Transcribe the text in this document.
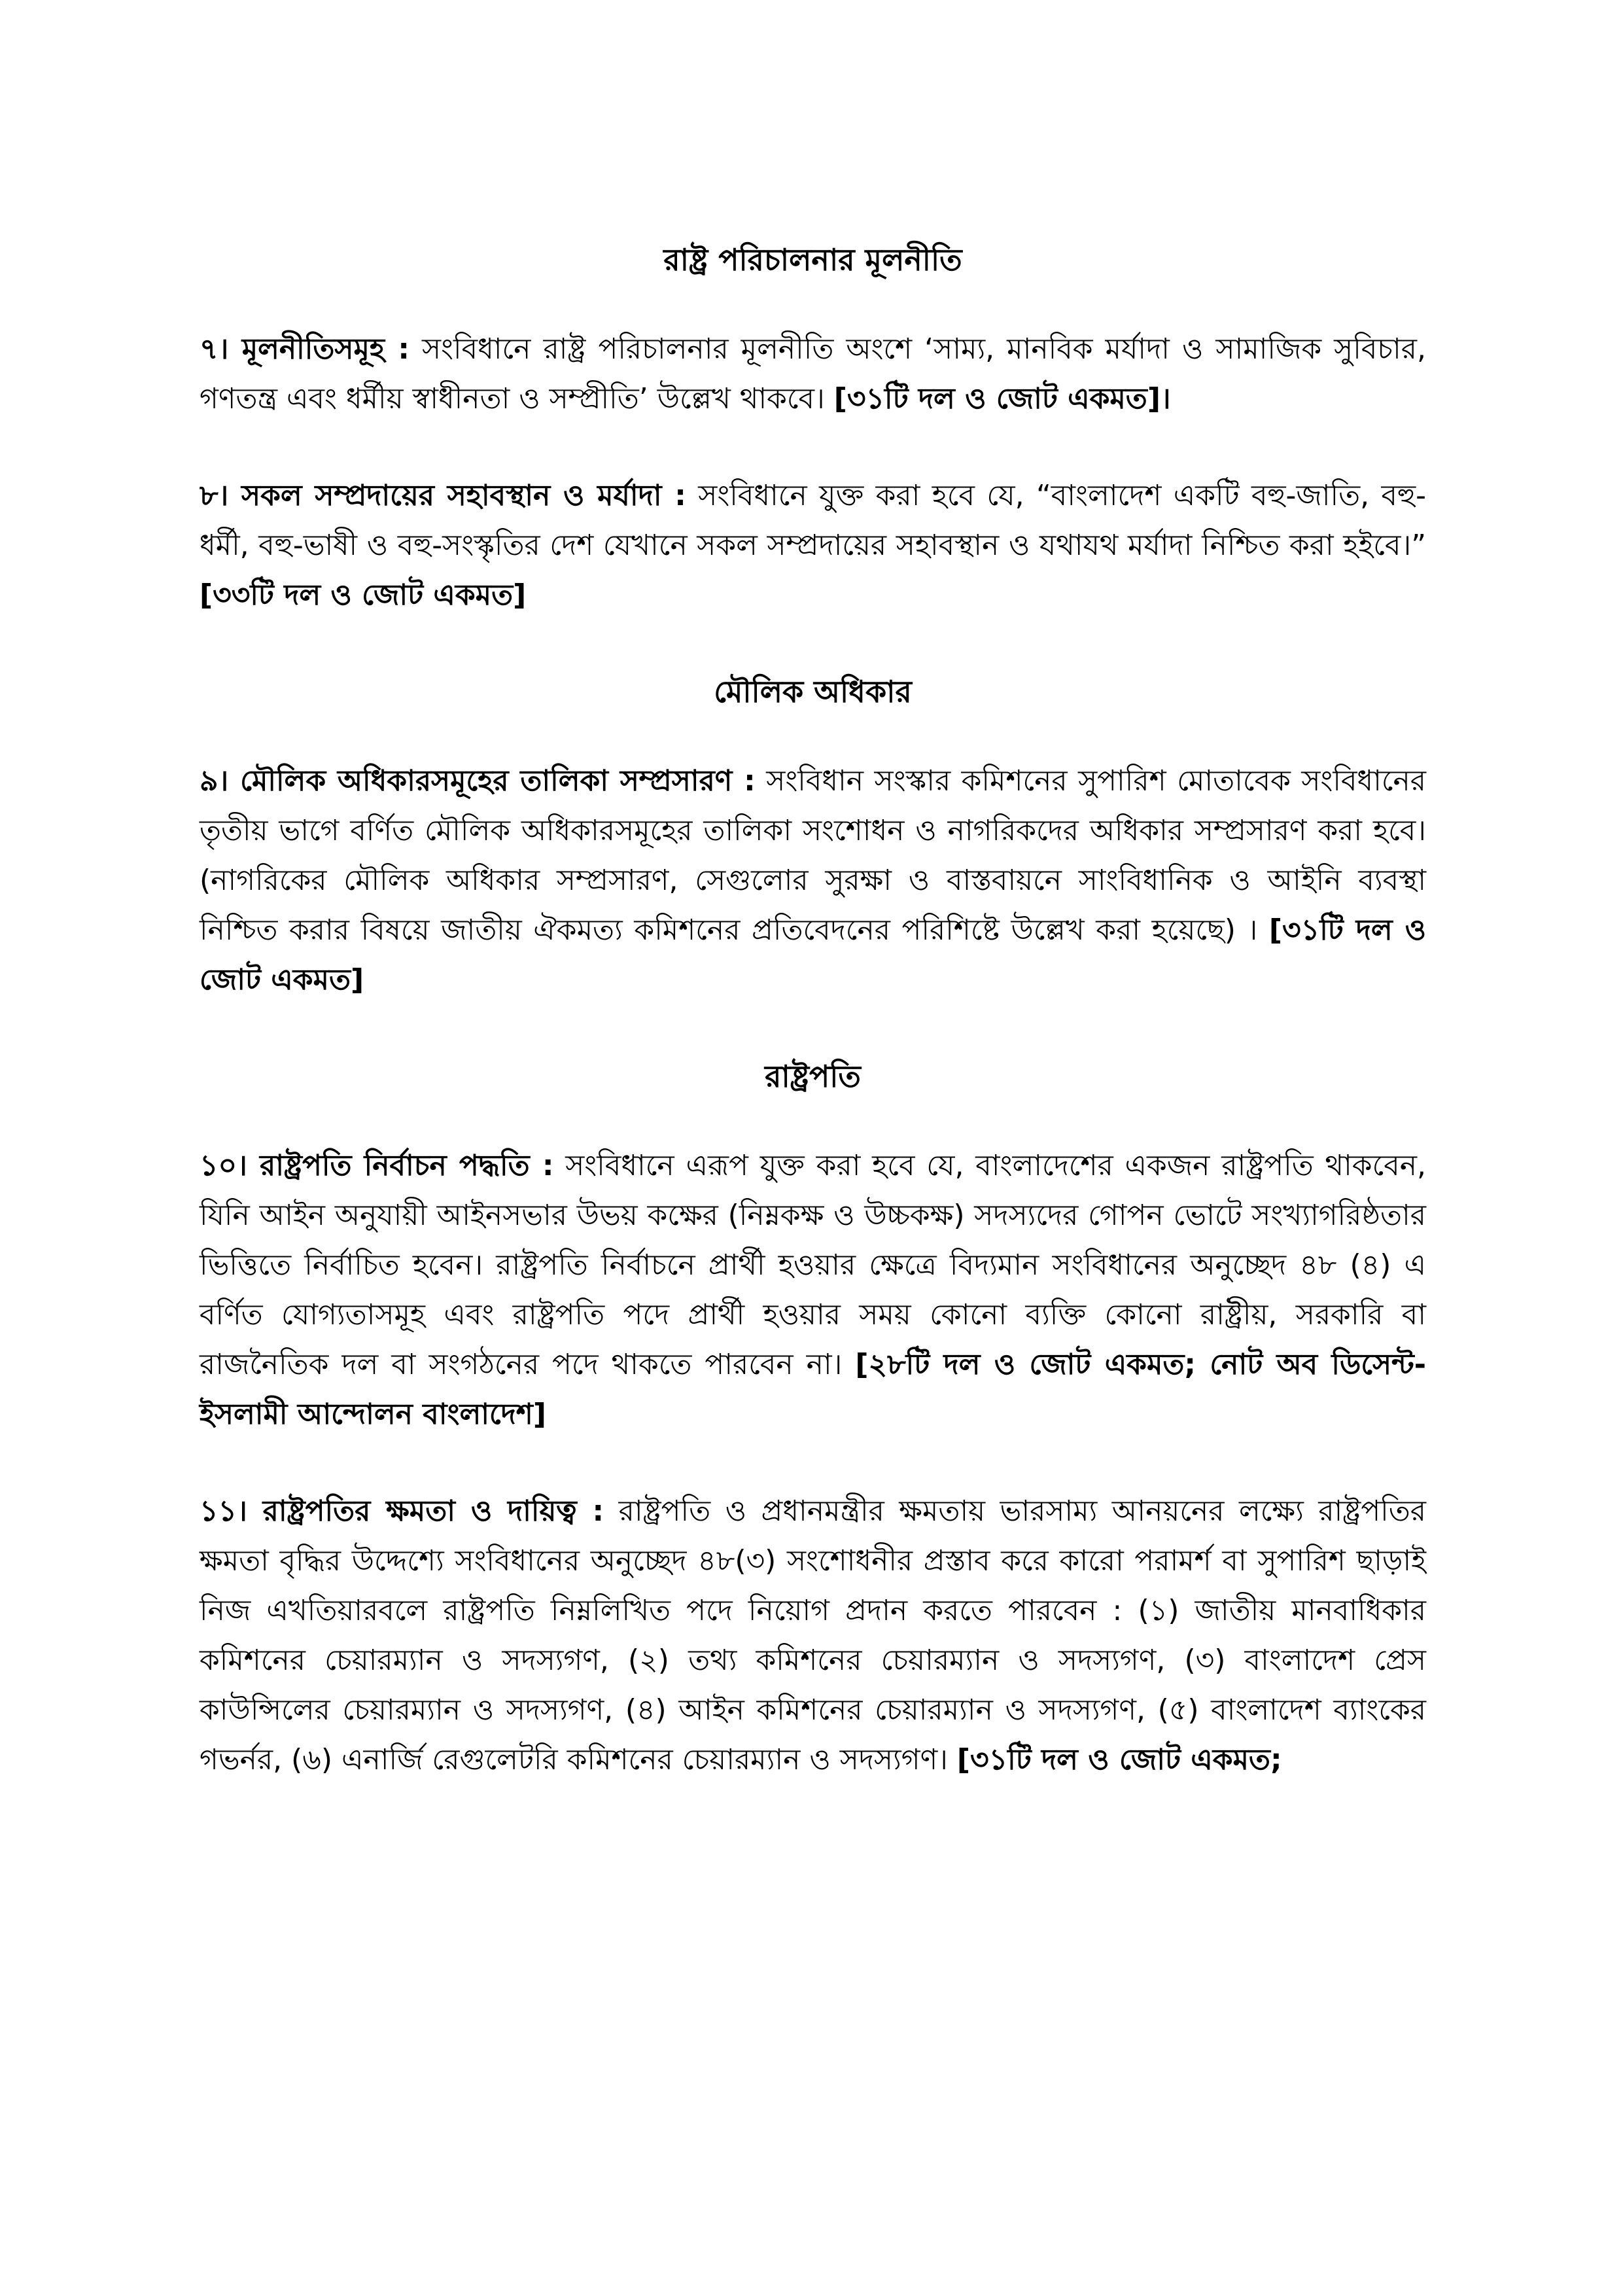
রাষ্ট্র পরিচালনার মূলনীতি

৭। মূলনীতিসমূহ : সংবিধানে রাষ্ট্র পরিচালনার মূলনীতি অংশে ‘সাম্য, মানবিক মর্যাদা ও সামাজিক সুবিচার, গণতন্ত্র এবং ধর্মীয় স্বাধীনতা ও সম্প্রীতি’ উল্লেখ থাকবে। [৩১টি দল ও জোট একমত]।

৮। সকল সম্প্রদায়ের সহাবস্থান ও মর্যাদা : সংবিধানে যুক্ত করা হবে যে, “বাংলাদেশ একটি বহু-জাতি, বহু-ধর্মী, বহু-ভাষী ও বহু-সংস্কৃতির দেশ যেখানে সকল সম্প্রদায়ের সহাবস্থান ও যথাযথ মর্যাদা নিশ্চিত করা হইবে।” [৩৩টি দল ও জোট একমত]

মৌলিক অধিকার

৯। মৌলিক অধিকারসমূহের তালিকা সম্প্রসারণ : সংবিধান সংস্কার কমিশনের সুপারিশ মোতাবেক সংবিধানের তৃতীয় ভাগে বর্ণিত মৌলিক অধিকারসমূহের তালিকা সংশোধন ও নাগরিকদের অধিকার সম্প্রসারণ করা হবে। (নাগরিকের মৌলিক অধিকার সম্প্রসারণ, সেগুলোর সুরক্ষা ও বাস্তবায়নে সাংবিধানিক ও আইনি ব্যবস্থা নিশ্চিত করার বিষয়ে জাতীয় ঐকমত্য কমিশনের প্রতিবেদনের পরিশিষ্টে উল্লেখ করা হয়েছে) । [৩১টি দল ও জোট একমত]

রাষ্ট্রপতি

১০। রাষ্ট্রপতি নির্বাচন পদ্ধতি : সংবিধানে এরূপ যুক্ত করা হবে যে, বাংলাদেশের একজন রাষ্ট্রপতি থাকবেন, যিনি আইন অনুযায়ী আইনসভার উভয় কক্ষের (নিম্নকক্ষ ও উচ্চকক্ষ) সদস্যদের গোপন ভোটে সংখ্যাগরিষ্ঠতার ভিত্তিতে নির্বাচিত হবেন। রাষ্ট্রপতি নির্বাচনে প্রার্থী হওয়ার ক্ষেত্রে বিদ্যমান সংবিধানের অনুচ্ছেদ ৪৮ (৪) এ বর্ণিত যোগ্যতাসমূহ এবং রাষ্ট্রপতি পদে প্রার্থী হওয়ার সময় কোনো ব্যক্তি কোনো রাষ্ট্রীয়, সরকারি বা রাজনৈতিক দল বা সংগঠনের পদে থাকতে পারবেন না। [২৮টি দল ও জোট একমত; নোট অব ডিসেন্ট- ইসলামী আন্দোলন বাংলাদেশ]

১১। রাষ্ট্রপতির ক্ষমতা ও দায়িত্ব : রাষ্ট্রপতি ও প্রধানমন্ত্রীর ক্ষমতায় ভারসাম্য আনয়নের লক্ষ্যে রাষ্ট্রপতির ক্ষমতা বৃদ্ধির উদ্দেশ্যে সংবিধানের অনুচ্ছেদ ৪৮(৩) সংশোধনীর প্রস্তাব করে কারো পরামর্শ বা সুপারিশ ছাড়াই নিজ এখতিয়ারবলে রাষ্ট্রপতি নিম্নলিখিত পদে নিয়োগ প্রদান করতে পারবেন : (১) জাতীয় মানবাধিকার কমিশনের চেয়ারম্যান ও সদস্যগণ, (২) তথ্য কমিশনের চেয়ারম্যান ও সদস্যগণ, (৩) বাংলাদেশ প্রেস কাউন্সিলের চেয়ারম্যান ও সদস্যগণ, (৪) আইন কমিশনের চেয়ারম্যান ও সদস্যগণ, (৫) বাংলাদেশ ব্যাংকের গভর্নর, (৬) এনার্জি রেগুলেটরি কমিশনের চেয়ারম্যান ও সদস্যগণ। [৩১টি দল ও জোট একমত;
